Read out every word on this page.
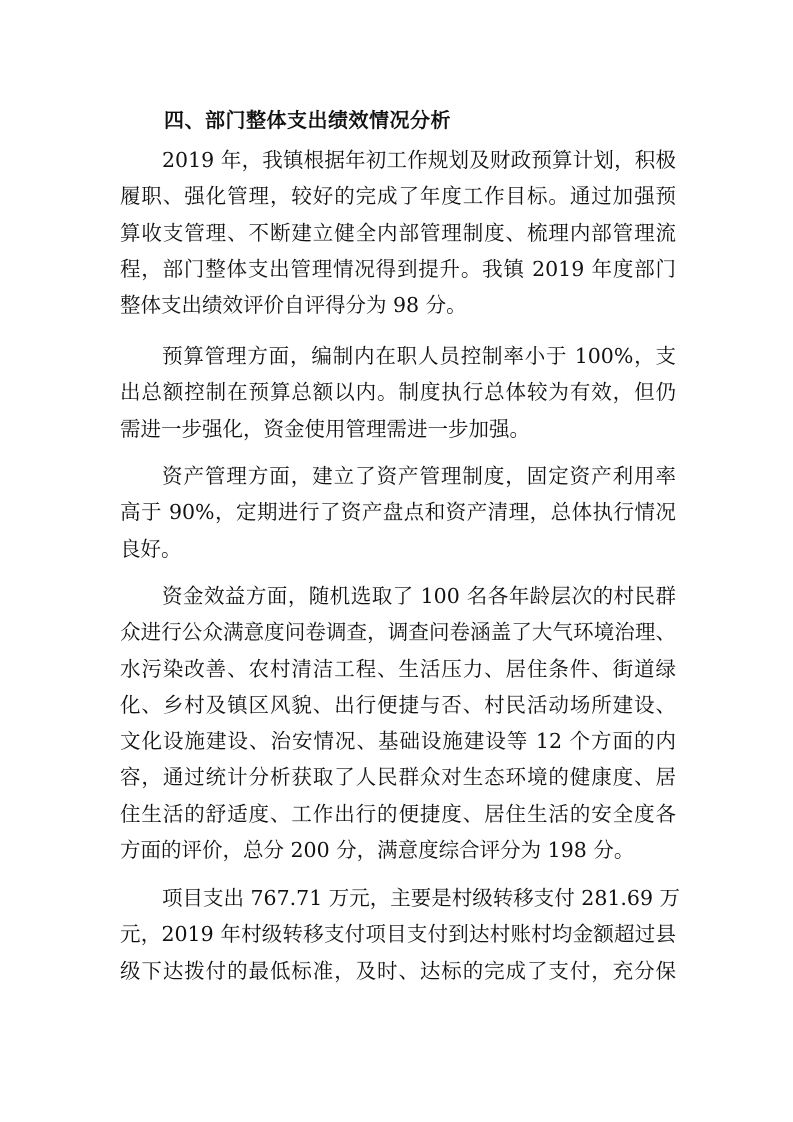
四、部门整体支出绩效情况分析
2019 年，我镇根据年初工作规划及财政预算计划，积极
履职、强化管理，较好的完成了年度工作目标。通过加强预
算收支管理、不断建立健全内部管理制度、梳理内部管理流
程，部门整体支出管理情况得到提升。我镇 2019 年度部门
整体支出绩效评价自评得分为 98 分。
预算管理方面，编制内在职人员控制率小于 100%，支
出总额控制在预算总额以内。制度执行总体较为有效，但仍
需进一步强化，资金使用管理需进一步加强。
资产管理方面，建立了资产管理制度，固定资产利用率
高于 90%，定期进行了资产盘点和资产清理，总体执行情况
良好。
资金效益方面，随机选取了 100 名各年龄层次的村民群
众进行公众满意度问卷调查，调查问卷涵盖了大气环境治理、
水污染改善、农村清洁工程、生活压力、居住条件、街道绿
化、乡村及镇区风貌、出行便捷与否、村民活动场所建设、
文化设施建设、治安情况、基础设施建设等 12 个方面的内
容，通过统计分析获取了人民群众对生态环境的健康度、居
住生活的舒适度、工作出行的便捷度、居住生活的安全度各
方面的评价，总分 200 分，满意度综合评分为 198 分。
项目支出 767.71 万元，主要是村级转移支付 281.69 万
元，2019 年村级转移支付项目支付到达村账村均金额超过县
级下达拨付的最低标准，及时、达标的完成了支付，充分保
